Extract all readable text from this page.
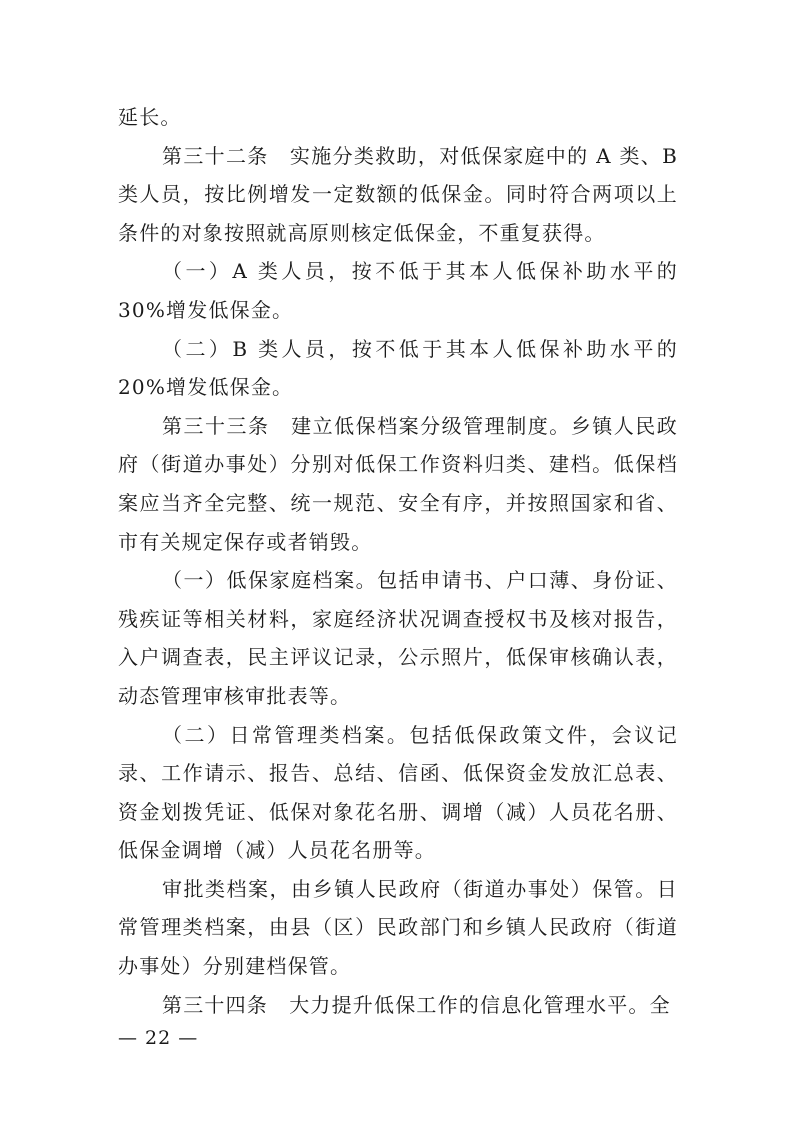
延长。

第三十二条　实施分类救助，对低保家庭中的 A 类、B 类人员，按比例增发一定数额的低保金。同时符合两项以上条件的对象按照就高原则核定低保金，不重复获得。

（一）A 类人员，按不低于其本人低保补助水平的 30%增发低保金。

（二）B 类人员，按不低于其本人低保补助水平的 20%增发低保金。

第三十三条　建立低保档案分级管理制度。乡镇人民政府（街道办事处）分别对低保工作资料归类、建档。低保档案应当齐全完整、统一规范、安全有序，并按照国家和省、市有关规定保存或者销毁。

（一）低保家庭档案。包括申请书、户口薄、身份证、残疾证等相关材料，家庭经济状况调查授权书及核对报告，入户调查表，民主评议记录，公示照片，低保审核确认表，动态管理审核审批表等。

（二）日常管理类档案。包括低保政策文件，会议记录、工作请示、报告、总结、信函、低保资金发放汇总表、资金划拨凭证、低保对象花名册、调增（减）人员花名册、低保金调增（减）人员花名册等。

审批类档案，由乡镇人民政府（街道办事处）保管。日常管理类档案，由县（区）民政部门和乡镇人民政府（街道办事处）分别建档保管。

第三十四条　大力提升低保工作的信息化管理水平。全

— 22 —
